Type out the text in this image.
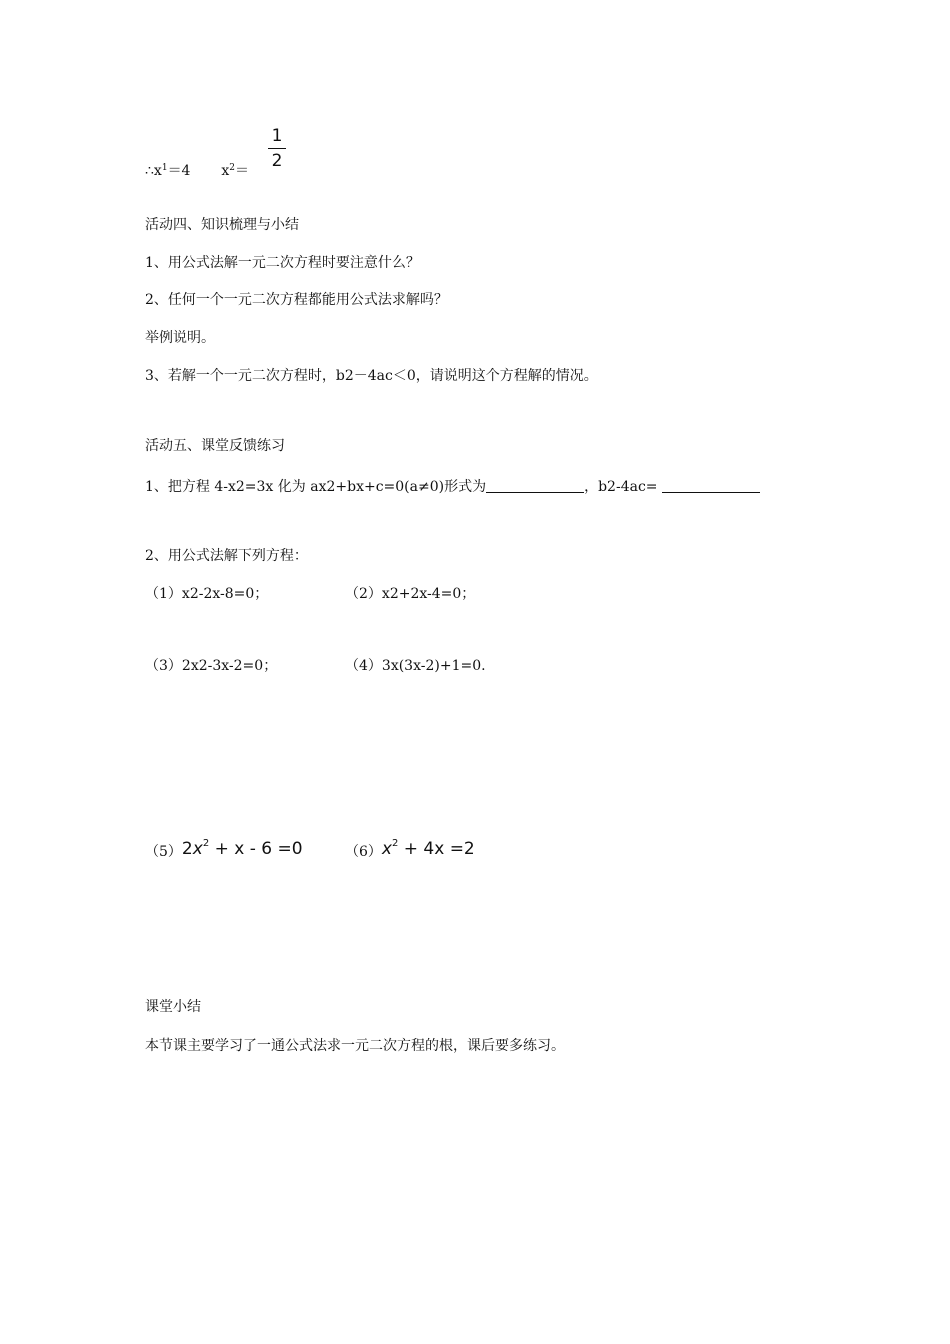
$\therefore x^1=4$ $x^2=$
1
2
活动四、知识梳理与小结
1、用公式法解一元二次方程时要注意什么？
2、任何一个一元二次方程都能用公式法求解吗？
举例说明。
3、若解一个一元二次方程时，b2－4ac＜0，请说明这个方程解的情况。
活动五、课堂反馈练习
1、把方程 4-x2=3x 化为 ax2+bx+c=0(a≠0)形式为	，b2-4ac=
2、用公式法解下列方程：
（1）x2-2x-8=0；	（2）x2+2x-4=0；
（3）2x2-3x-2=0；	（4）3x(3x-2)+1=0.
$(5)2x^2 + x - 6 =0$	$(6)x^2 + 4x =2$
课堂小结
本节课主要学习了一通公式法求一元二次方程的根，课后要多练习。
